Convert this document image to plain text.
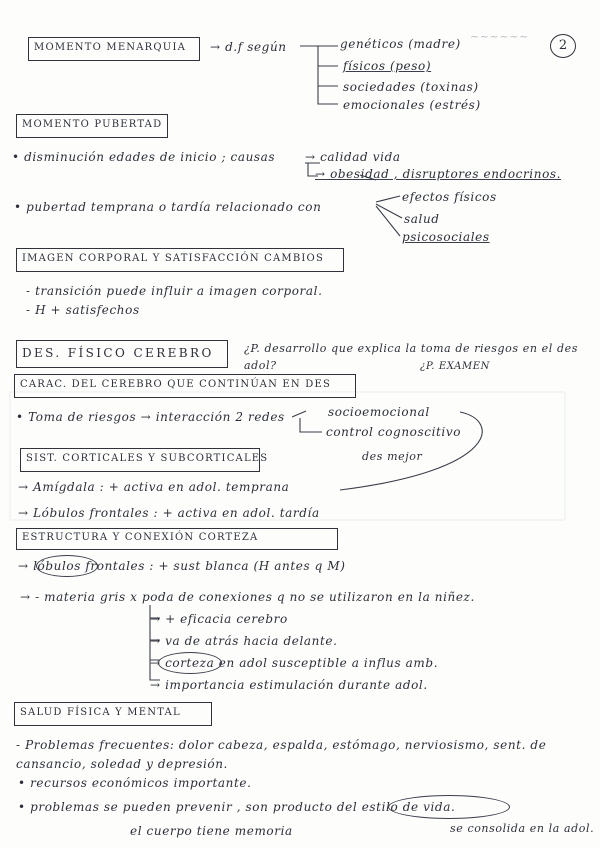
2
~~~~~~
MOMENTO MENARQUIA → d.f según	genéticos (madre)
físicos (peso)
sociedades (toxinas)
emocionales (estrés)
MOMENTO PUBERTAD
• disminución edades de inicio ; causas → calidad vida
→ obesidad , disruptores endocrinos.
• pubertad temprana o tardía relacionado con
efectos físicos
salud
psicosociales
IMAGEN CORPORAL Y SATISFACCIÓN CAMBIOS
- transición puede influir a imagen corporal.
- H + satisfechos
DES. FÍSICO CEREBRO	¿P. desarrollo que explica la toma de riesgos en el des adol?	¿P. EXAMEN
CARAC. DEL CEREBRO QUE CONTINÚAN EN DES
• Toma de riesgos → interacción 2 redes	socioemocional
control cognoscitivo
des mejor
SIST. CORTICALES Y SUBCORTICALES
→ Amígdala : + activa en adol. temprana
→ Lóbulos frontales : + activa en adol. tardía
ESTRUCTURA Y CONEXIÓN CORTEZA
→ lóbulos frontales : + sust blanca (H antes q M)
→ - materia gris x poda de conexiones q no se utilizaron en la niñez.
→ + eficacia cerebro
→ va de atrás hacia delante.
→ corteza en adol susceptible a influs amb.
→ importancia estimulación durante adol.
SALUD FÍSICA Y MENTAL
- Problemas frecuentes: dolor cabeza, espalda, estómago, nerviosismo, sent. de cansancio, soledad y depresión.
• recursos económicos importante.
• problemas se pueden prevenir , son producto del estilo de vida.
el cuerpo tiene memoria	se consolida en la adol.
